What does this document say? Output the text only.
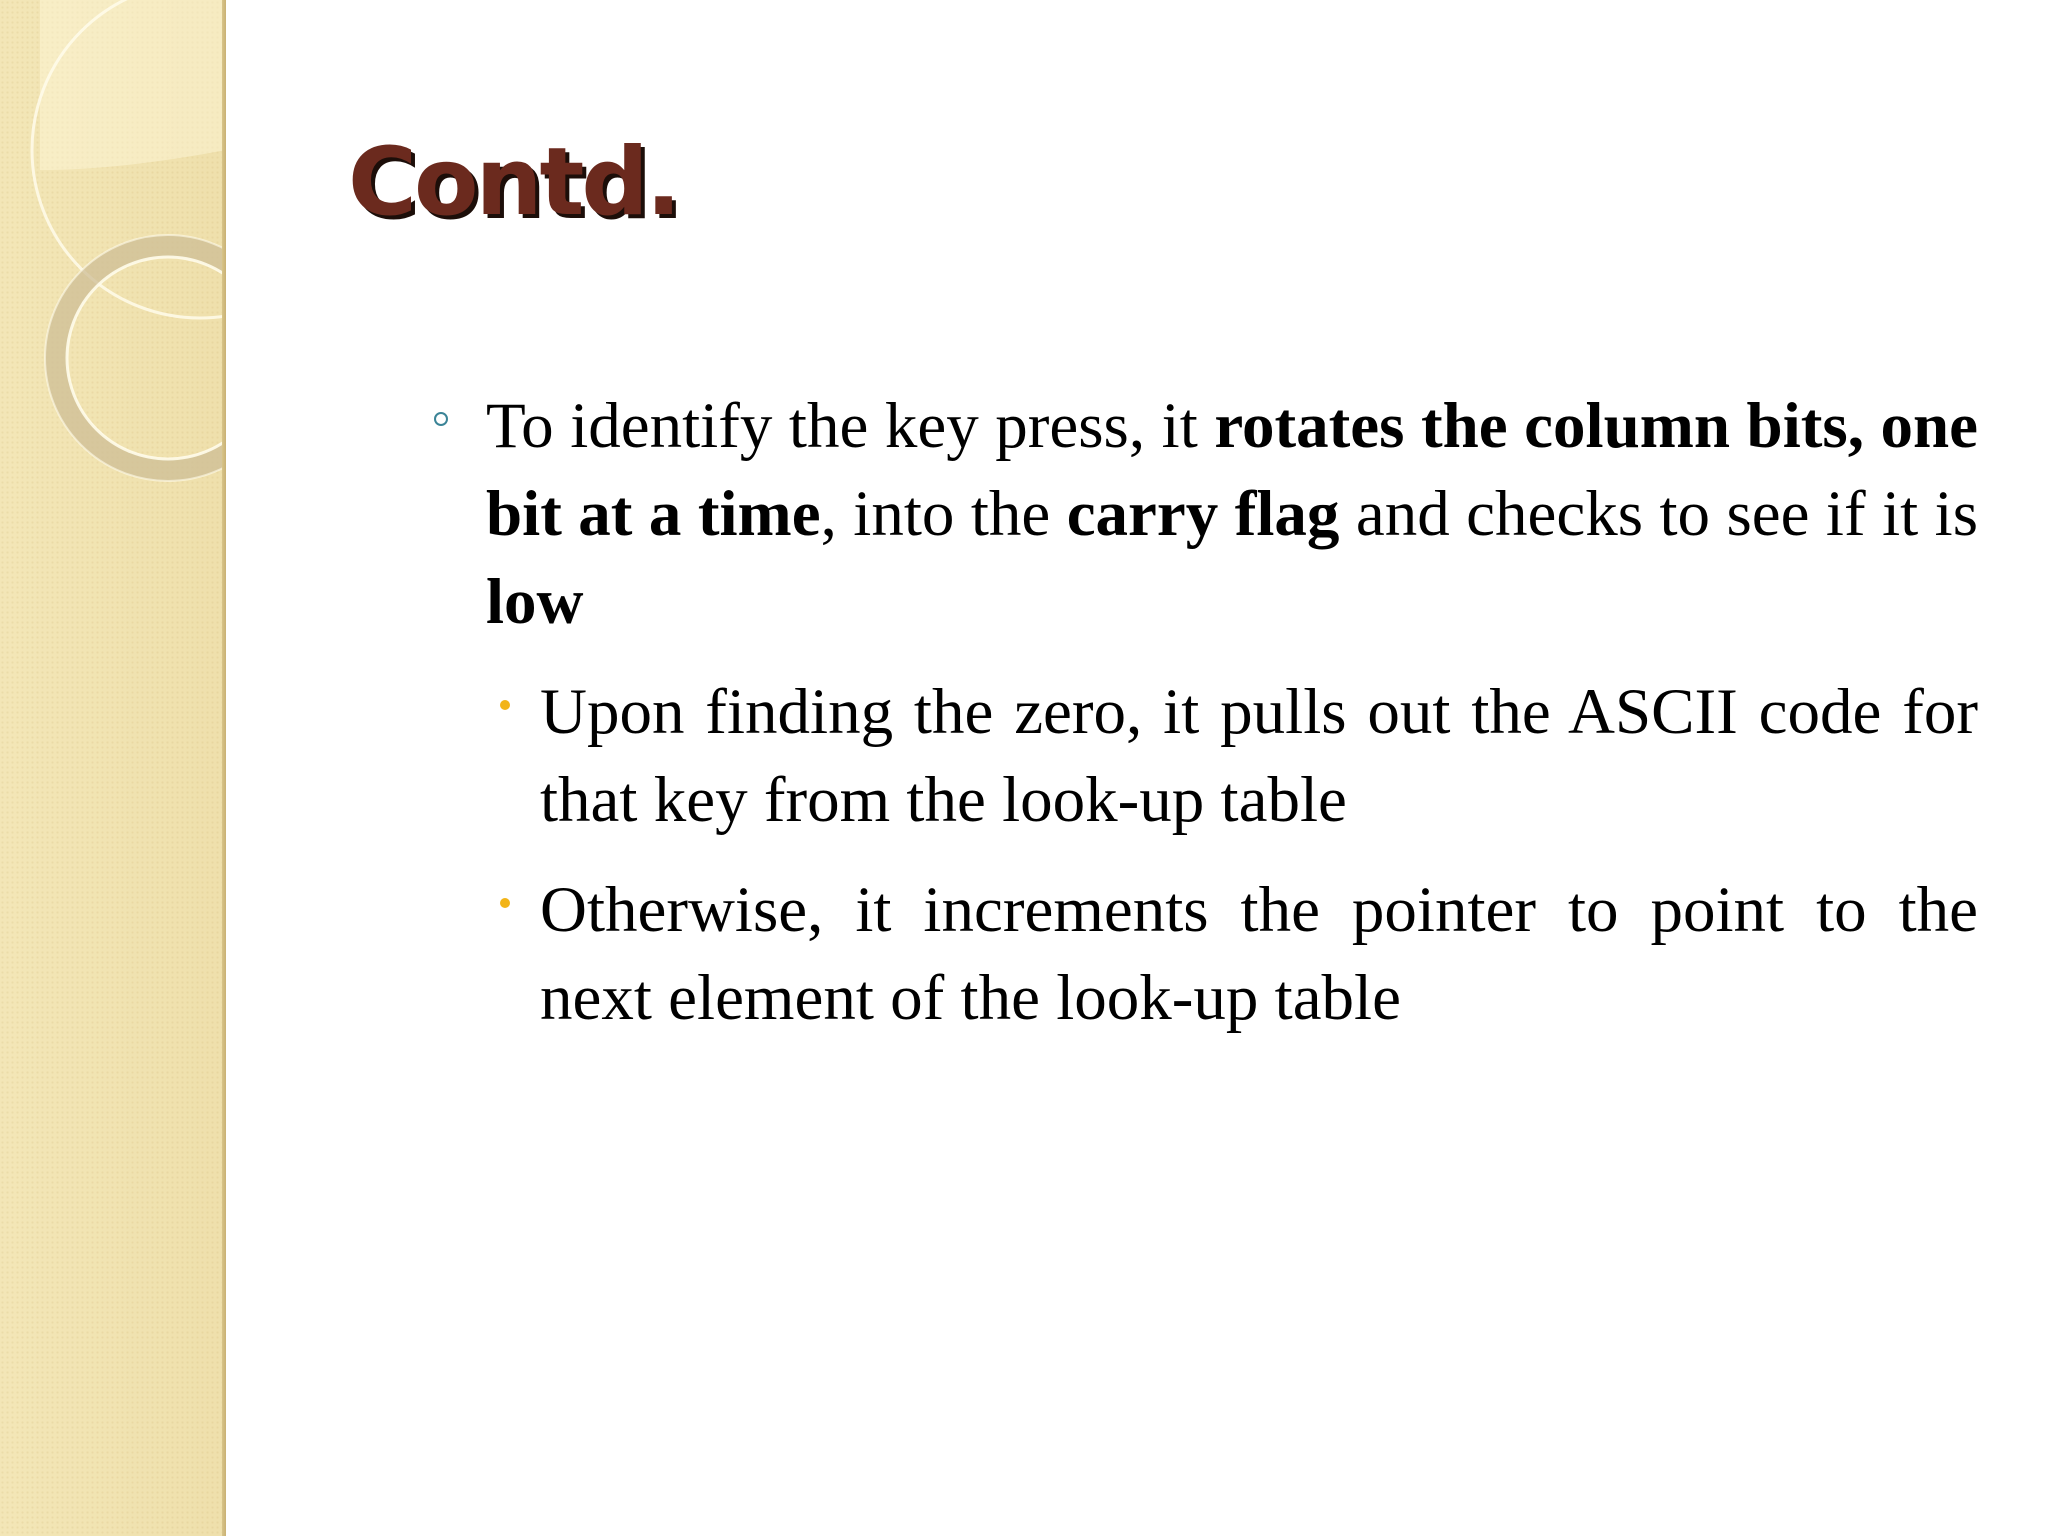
Contd.

To identify the key press, it rotates the column bits, one bit at a time, into the carry flag and checks to see if it is low

Upon finding the zero, it pulls out the ASCII code for that key from the look-up table

Otherwise, it increments the pointer to point to the next element of the look-up table
